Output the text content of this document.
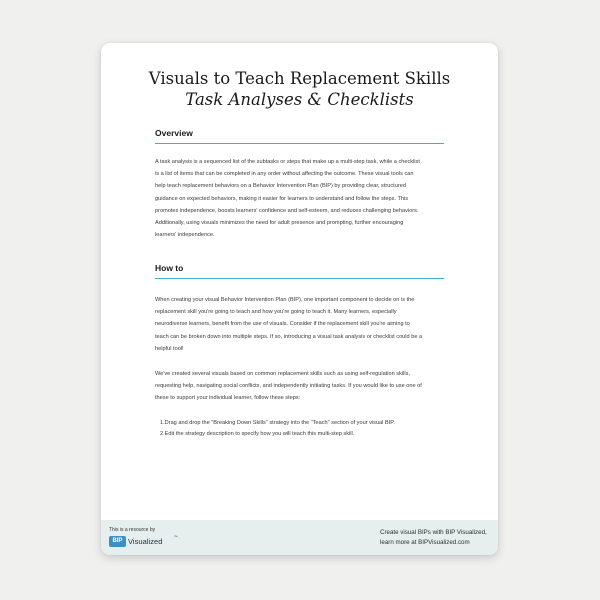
Visuals to Teach Replacement Skills
Task Analyses & Checklists
Overview
A task analysis is a sequenced list of the subtasks or steps that make up a multi-step task, while a checklist
is a list of items that can be completed in any order without affecting the outcome. These visual tools can
help teach replacement behaviors on a Behavior Intervention Plan (BIP) by providing clear, structured
guidance on expected behaviors, making it easier for learners to understand and follow the steps. This
promotes independence, boosts learners' confidence and self-esteem, and reduces challenging behaviors.
Additionally, using visuals minimizes the need for adult presence and prompting, further encouraging
learners' independence.
How to
When creating your visual Behavior Intervention Plan (BIP), one important component to decide on is the
replacement skill you're going to teach and how you're going to teach it. Many learners, especially
neurodiverse learners, benefit from the use of visuals. Consider if the replacement skill you're aiming to
teach can be broken down into multiple steps. If so, introducing a visual task analysis or checklist could be a
helpful tool!
We've created several visuals based on common replacement skills such as using self-regulation skills,
requesting help, navigating social conflicts, and independently initiating tasks. If you would like to use one of
these to support your individual learner, follow these steps:
1.Drag and drop the "Breaking Down Skills" strategy into the "Teach" section of your visual BIP.
2.Edit the strategy description to specify how you will teach this multi-step skill.
This is a resource by
BIP Visualized	™
Create visual BIPs with BIP Visualized,
learn more at BIPVisualized.com
